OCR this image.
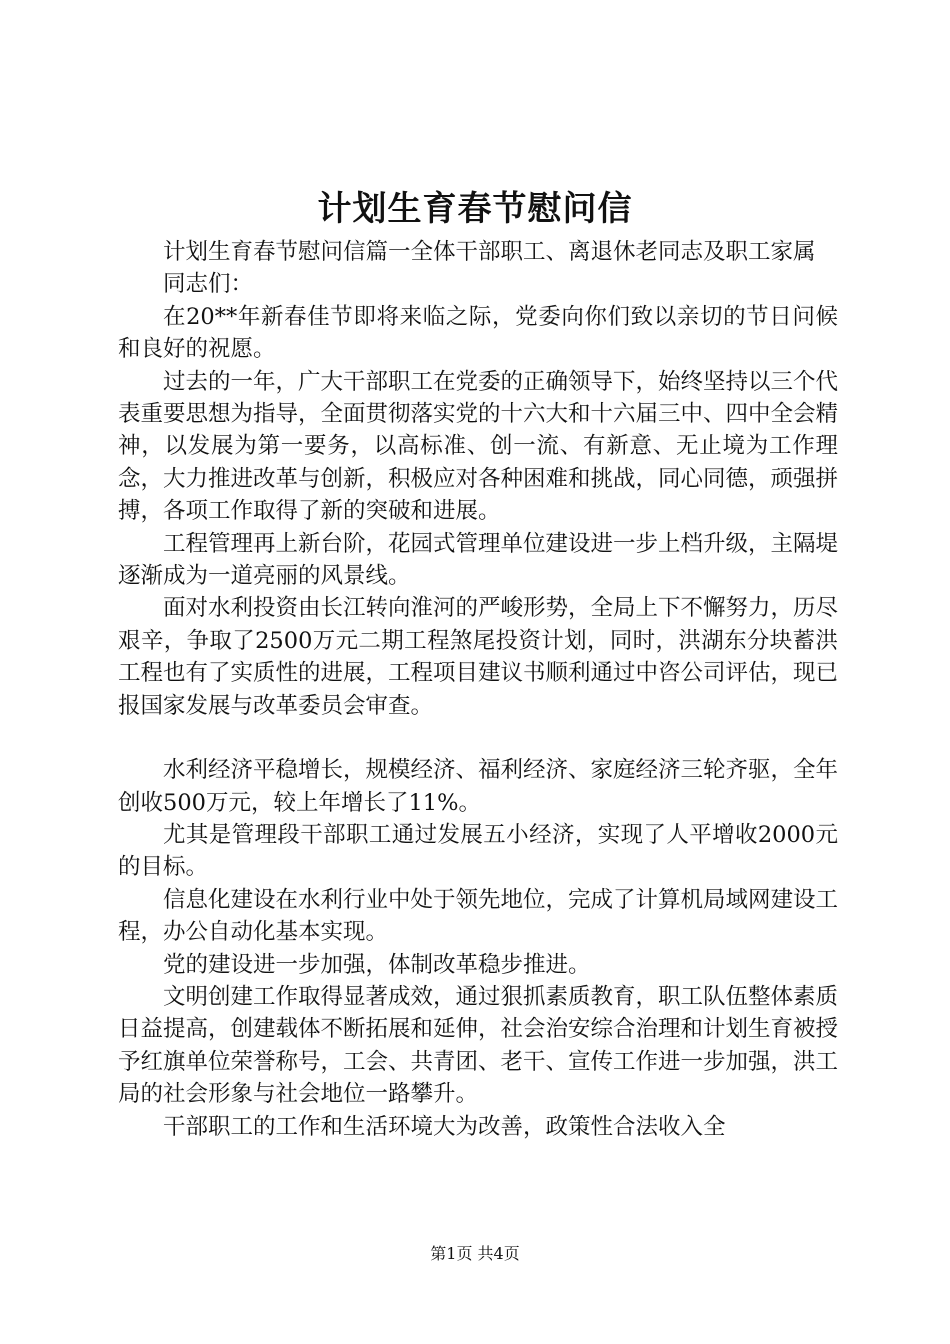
计划生育春节慰问信

计划生育春节慰问信篇一全体干部职工、离退休老同志及职工家属

同志们：

在20**年新春佳节即将来临之际，党委向你们致以亲切的节日问候和良好的祝愿。

过去的一年，广大干部职工在党委的正确领导下，始终坚持以三个代表重要思想为指导，全面贯彻落实党的十六大和十六届三中、四中全会精神，以发展为第一要务，以高标准、创一流、有新意、无止境为工作理念，大力推进改革与创新，积极应对各种困难和挑战，同心同德，顽强拼搏，各项工作取得了新的突破和进展。

工程管理再上新台阶，花园式管理单位建设进一步上档升级，主隔堤逐渐成为一道亮丽的风景线。

面对水利投资由长江转向淮河的严峻形势，全局上下不懈努力，历尽艰辛，争取了2500万元二期工程煞尾投资计划，同时，洪湖东分块蓄洪工程也有了实质性的进展，工程项目建议书顺利通过中咨公司评估，现已报国家发展与改革委员会审查。

水利经济平稳增长，规模经济、福利经济、家庭经济三轮齐驱，全年创收500万元，较上年增长了11%。

尤其是管理段干部职工通过发展五小经济，实现了人平增收2000元的目标。

信息化建设在水利行业中处于领先地位，完成了计算机局域网建设工程，办公自动化基本实现。

党的建设进一步加强，体制改革稳步推进。

文明创建工作取得显著成效，通过狠抓素质教育，职工队伍整体素质日益提高，创建载体不断拓展和延伸，社会治安综合治理和计划生育被授予红旗单位荣誉称号，工会、共青团、老干、宣传工作进一步加强，洪工局的社会形象与社会地位一路攀升。

干部职工的工作和生活环境大为改善，政策性合法收入全

第1页 共4页
